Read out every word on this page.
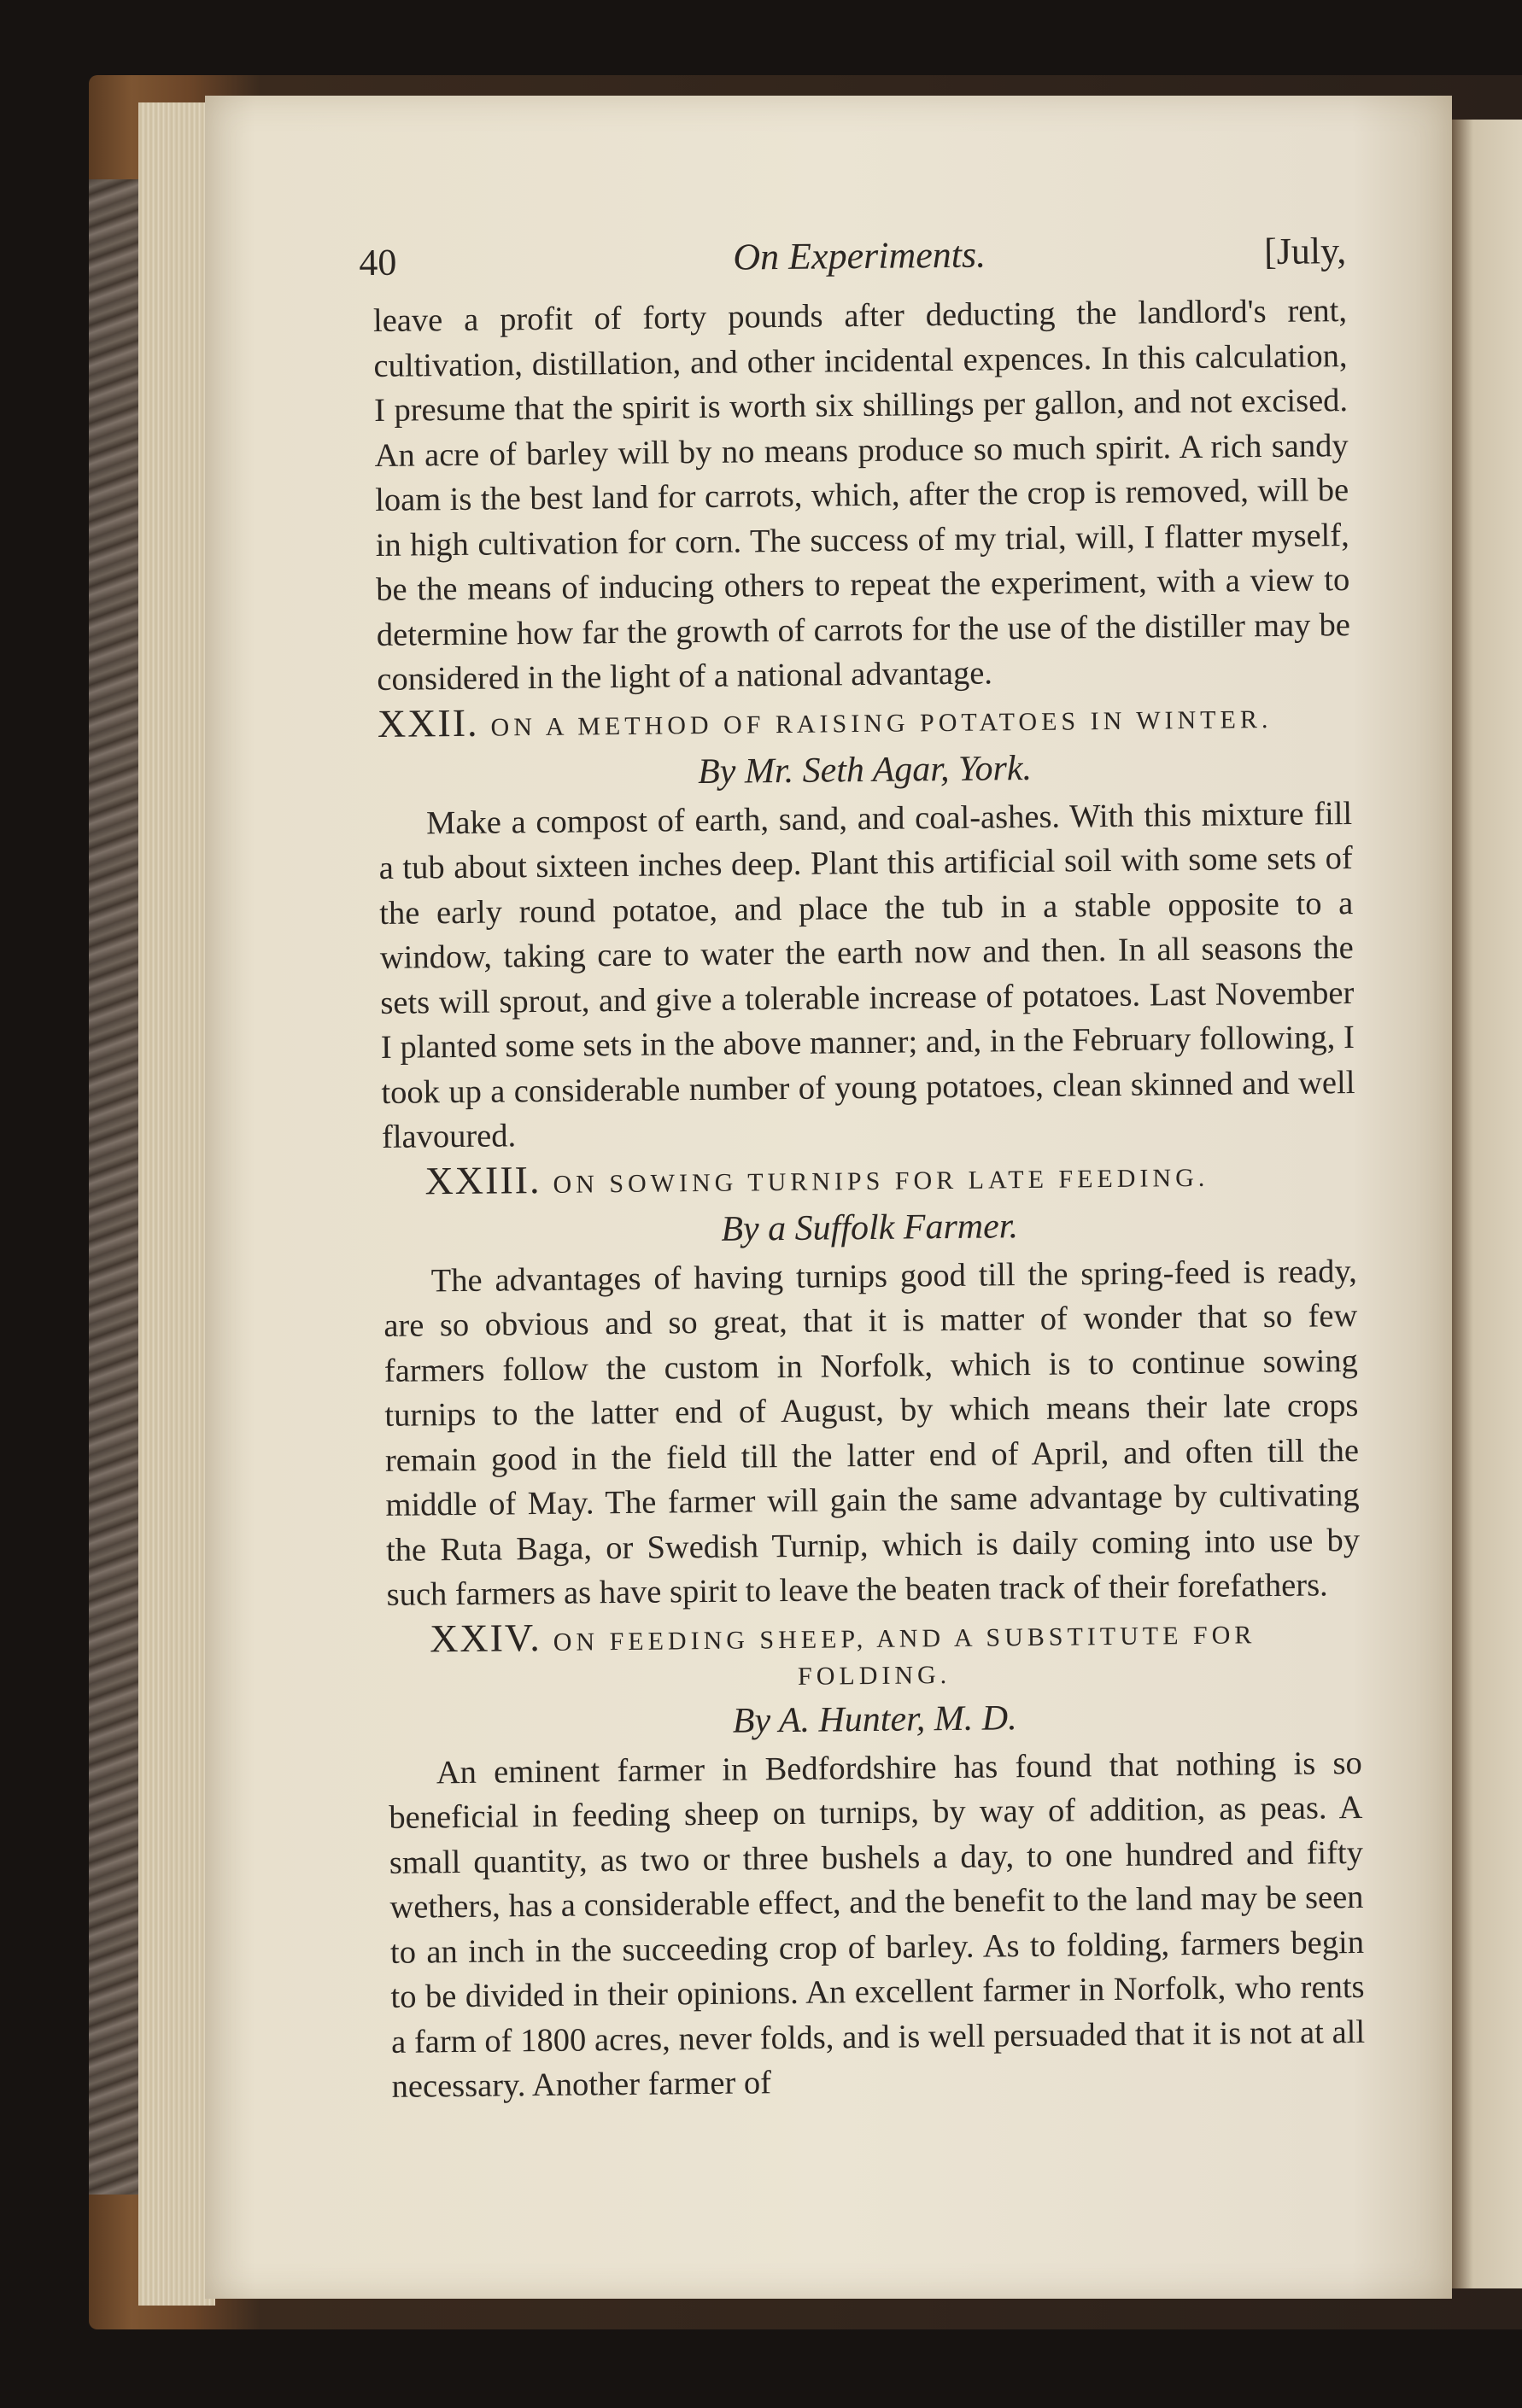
40	On Experiments.	[July,

leave a profit of forty pounds after deducting the landlord's rent, cultivation, distillation, and other incidental expences. In this calculation, I presume that the spirit is worth six shillings per gallon, and not excised. An acre of barley will by no means produce so much spirit. A rich sandy loam is the best land for carrots, which, after the crop is removed, will be in high cultivation for corn. The success of my trial, will, I flatter myself, be the means of inducing others to repeat the experiment, with a view to determine how far the growth of carrots for the use of the distiller may be considered in the light of a national advantage.

XXII. ON A METHOD OF RAISING POTATOES IN WINTER.
By Mr. Seth Agar, York.

Make a compost of earth, sand, and coal-ashes. With this mixture fill a tub about sixteen inches deep. Plant this artificial soil with some sets of the early round potatoe, and place the tub in a stable opposite to a window, taking care to water the earth now and then. In all seasons the sets will sprout, and give a tolerable increase of potatoes. Last November I planted some sets in the above manner; and, in the February following, I took up a considerable number of young potatoes, clean skinned and well flavoured.

XXIII. ON SOWING TURNIPS FOR LATE FEEDING.
By a Suffolk Farmer.

The advantages of having turnips good till the spring-feed is ready, are so obvious and so great, that it is matter of wonder that so few farmers follow the custom in Norfolk, which is to continue sowing turnips to the latter end of August, by which means their late crops remain good in the field till the latter end of April, and often till the middle of May. The farmer will gain the same advantage by cultivating the Ruta Baga, or Swedish Turnip, which is daily coming into use by such farmers as have spirit to leave the beaten track of their forefathers.

XXIV. ON FEEDING SHEEP, AND A SUBSTITUTE FOR
FOLDING.
By A. Hunter, M. D.

An eminent farmer in Bedfordshire has found that nothing is so beneficial in feeding sheep on turnips, by way of addition, as peas. A small quantity, as two or three bushels a day, to one hundred and fifty wethers, has a considerable effect, and the benefit to the land may be seen to an inch in the succeeding crop of barley. As to folding, farmers begin to be divided in their opinions. An excellent farmer in Norfolk, who rents a farm of 1800 acres, never folds, and is well persuaded that it is not at all necessary. Another farmer of
